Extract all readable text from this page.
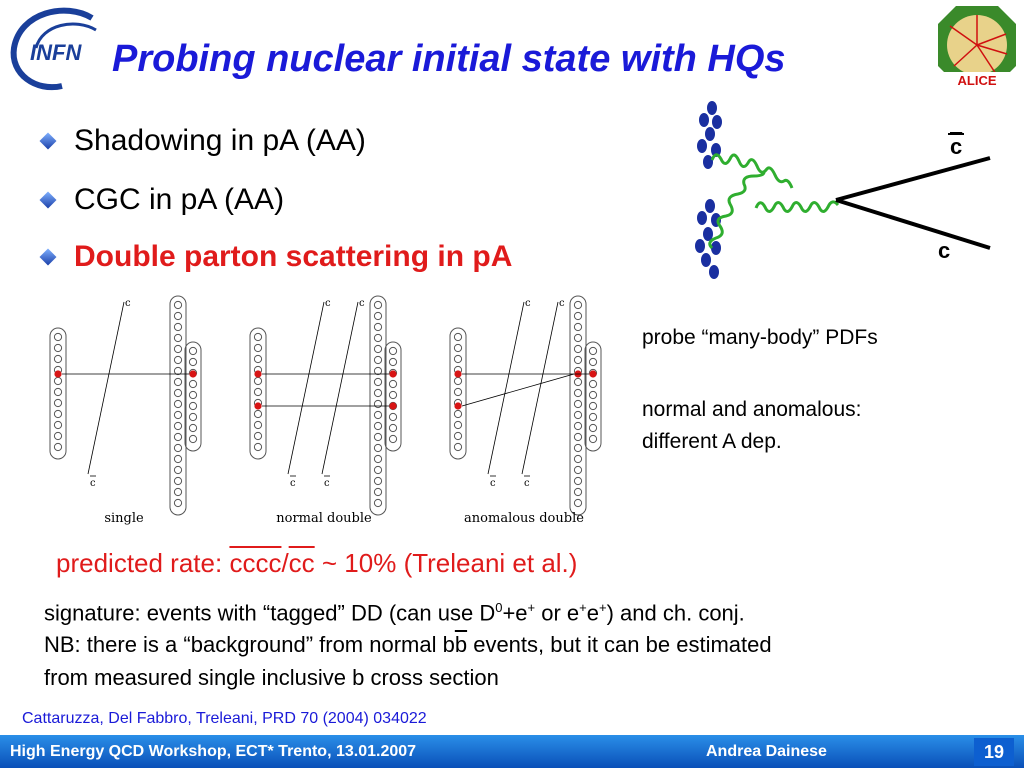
INFN
ALICE
Probing nuclear initial state with HQs
Shadowing in pA (AA)
CGC in pA (AA)
Double parton scattering in pA
c
c
c
c
single
c
c
c
c
normal double
c
c
c
c
anomalous double
probe “many-body” PDFs
normal and anomalous:
different A dep.
predicted rate: cccc/$\overline{cc}$ ~ 10% (Treleani et al.)
signature: events with “tagged” DD (can use $D^0+e^+$ or e+e+) and ch. conj.
NB: there is a “background” from normal $b\overline{b}$ events, but it can be estimated
from measured single inclusive b cross section
Cattaruzza, Del Fabbro, Treleani, PRD 70 (2004) 034022
High Energy QCD Workshop, ECT* Trento, 13.01.2007	Andrea Dainese	19
